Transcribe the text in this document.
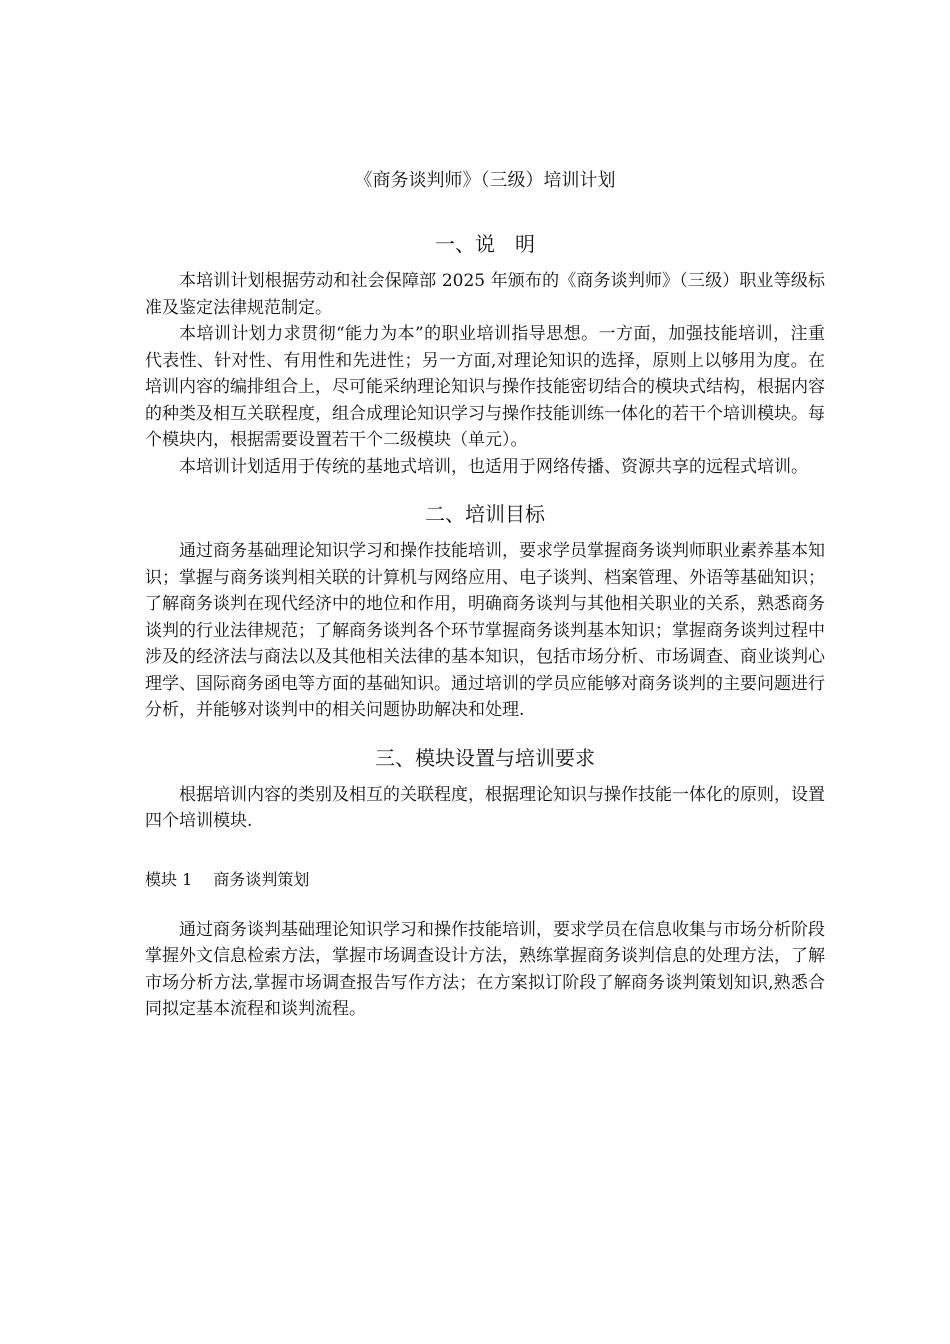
《商务谈判师》（三级）培训计划
一、说　明

本培训计划根据劳动和社会保障部 2025 年颁布的《商务谈判师》（三级）职业等级标准及鉴定法律规范制定。

本培训计划力求贯彻“能力为本”的职业培训指导思想。一方面，加强技能培训，注重代表性、针对性、有用性和先进性；另一方面,对理论知识的选择，原则上以够用为度。在培训内容的编排组合上，尽可能采纳理论知识与操作技能密切结合的模块式结构，根据内容的种类及相互关联程度，组合成理论知识学习与操作技能训练一体化的若干个培训模块。每个模块内，根据需要设置若干个二级模块（单元）。

本培训计划适用于传统的基地式培训，也适用于网络传播、资源共享的远程式培训。

二、培训目标

通过商务基础理论知识学习和操作技能培训，要求学员掌握商务谈判师职业素养基本知识；掌握与商务谈判相关联的计算机与网络应用、电子谈判、档案管理、外语等基础知识；了解商务谈判在现代经济中的地位和作用，明确商务谈判与其他相关职业的关系，熟悉商务谈判的行业法律规范；了解商务谈判各个环节掌握商务谈判基本知识；掌握商务谈判过程中涉及的经济法与商法以及其他相关法律的基本知识，包括市场分析、市场调查、商业谈判心理学、国际商务函电等方面的基础知识。通过培训的学员应能够对商务谈判的主要问题进行分析，并能够对谈判中的相关问题协助解决和处理.

三、模块设置与培训要求

根据培训内容的类别及相互的关联程度，根据理论知识与操作技能一体化的原则，设置四个培训模块.

模块 1　 商务谈判策划

通过商务谈判基础理论知识学习和操作技能培训，要求学员在信息收集与市场分析阶段掌握外文信息检索方法，掌握市场调查设计方法，熟练掌握商务谈判信息的处理方法，了解市场分析方法,掌握市场调查报告写作方法；在方案拟订阶段了解商务谈判策划知识,熟悉合同拟定基本流程和谈判流程。
